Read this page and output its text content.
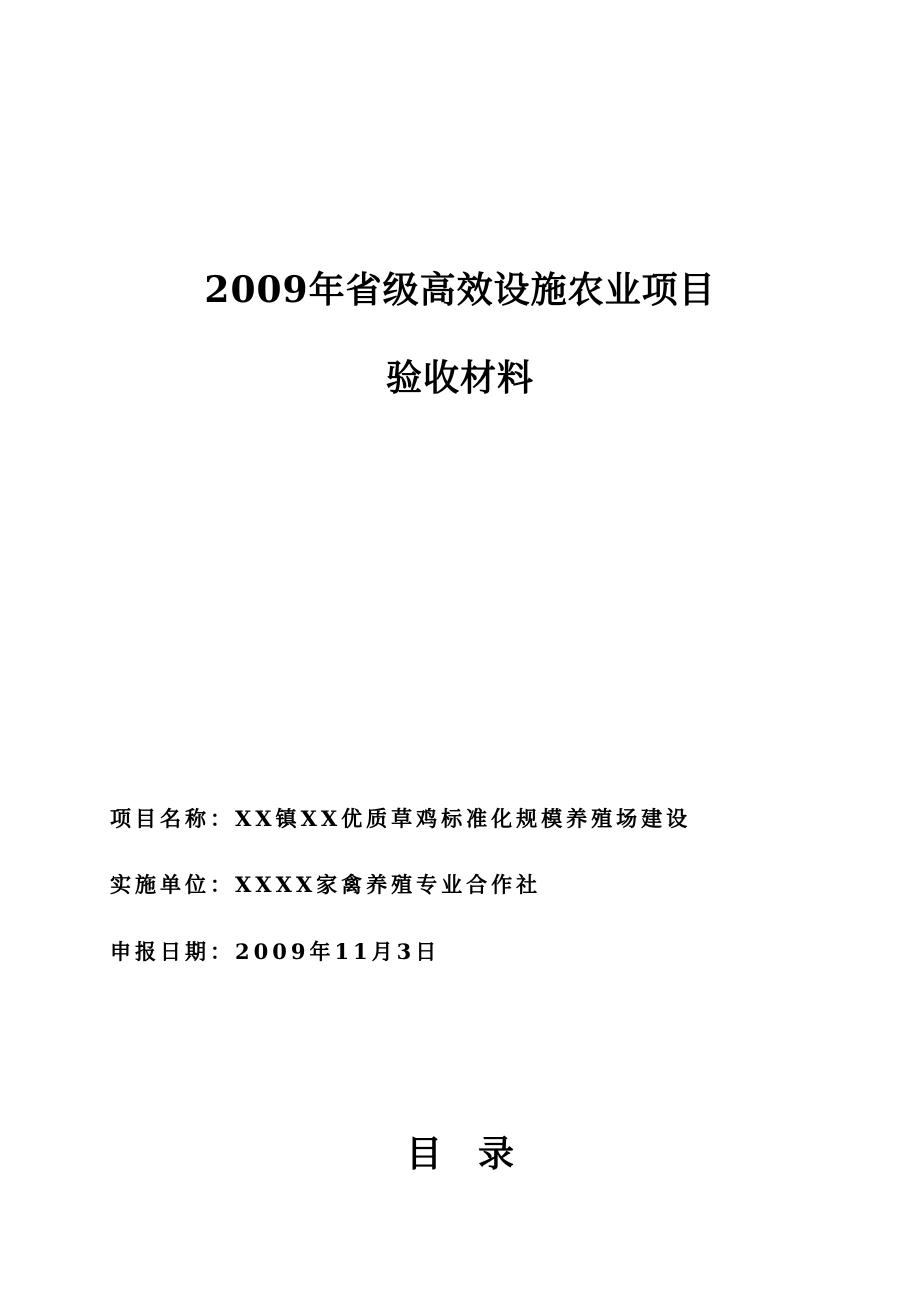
2009年省级高效设施农业项目
验收材料
项目名称：XX镇XX优质草鸡标准化规模养殖场建设
实施单位：XXXX家禽养殖专业合作社
申报日期：2009年11月3日
目录
